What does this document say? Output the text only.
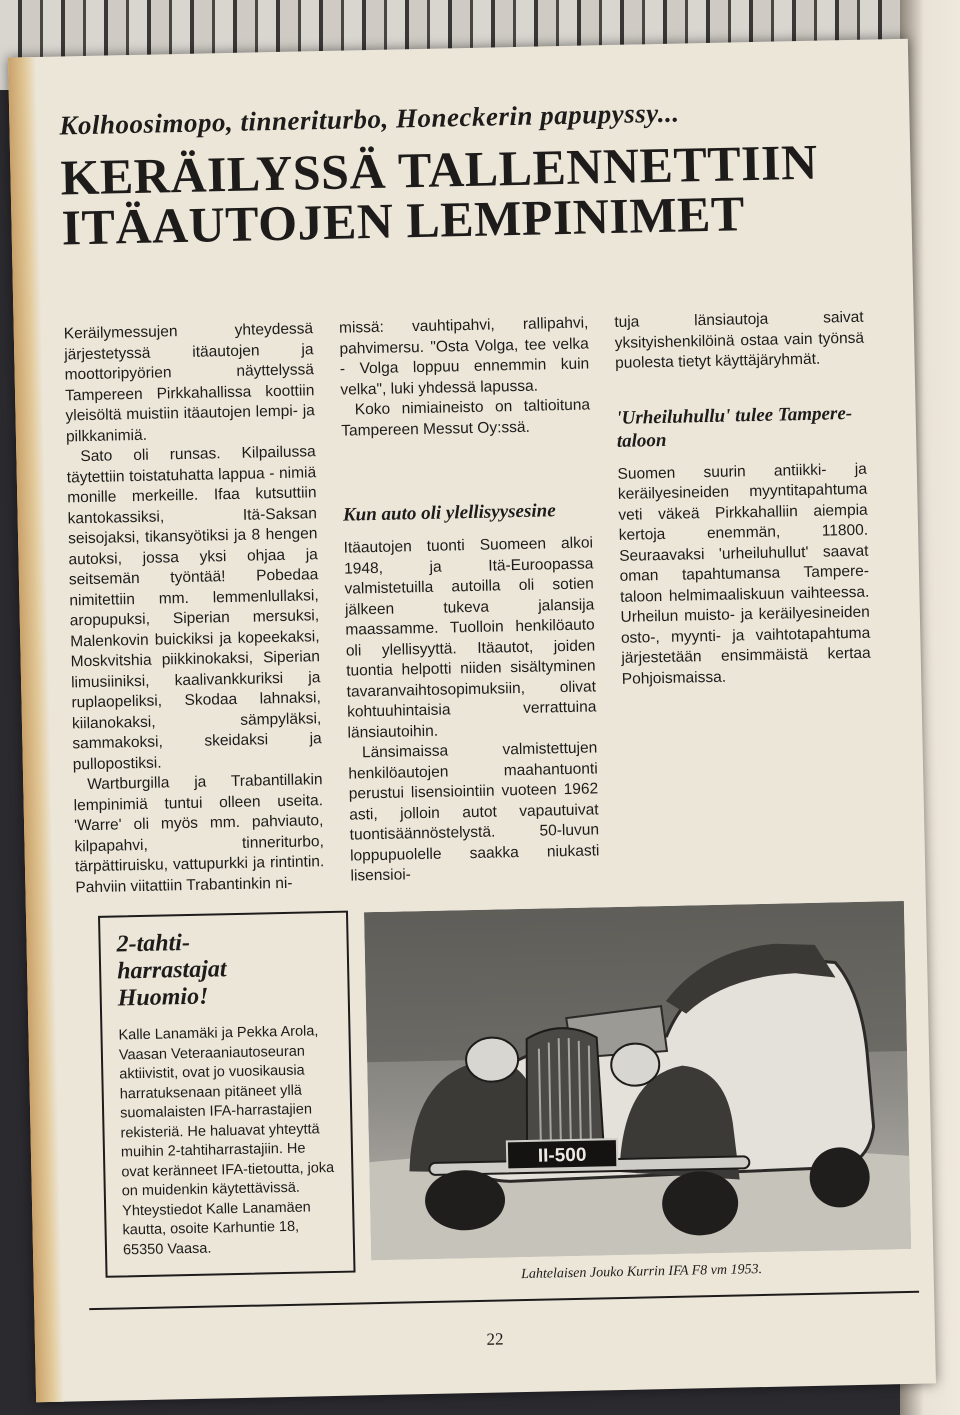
Kolhoosimopo, tinneriturbo, Honeckerin papupyssy...
KERÄILYSSÄ TALLENNETTIIN ITÄAUTOJEN LEMPINIMET

Keräilymessujen yhteydessä järjestetyssä itäautojen ja moottoripyörien näyttelyssä Tampereen Pirkkahallissa koottiin yleisöltä muistiin itäautojen lempi- ja pilkkanimiä.

Sato oli runsas. Kilpailussa täytettiin toistatuhatta lappua - nimiä monille merkeille. Ifaa kutsuttiin kantokassiksi, Itä-Saksan seisojaksi, tikansyötiksi ja 8 hengen autoksi, jossa yksi ohjaa ja seitsemän työntää! Pobedaa nimitettiin mm. lemmenlullaksi, aropupuksi, Siperian mersuksi, Malenkovin buickiksi ja kopeekaksi, Moskvitshia piikkinokaksi, Siperian limusiiniksi, kaalivankkuriksi ja ruplaopeliksi, Skodaa lahnaksi, kiilanokaksi, sämpyläksi, sammakoksi, skeidaksi ja pullopostiksi.

Wartburgilla ja Trabantillakin lempinimiä tuntui olleen useita. 'Warre' oli myös mm. pahviauto, kilpapahvi, tinneriturbo, tärpättiruisku, vattupurkki ja rintintin. Pahviin viitattiin Trabantinkin ni-

missä: vauhtipahvi, rallipahvi, pahvimersu. "Osta Volga, tee velka - Volga loppuu ennemmin kuin velka", luki yhdessä lapussa.

Koko nimiaineisto on taltioituna Tampereen Messut Oy:ssä.

Kun auto oli ylellisyysesine

Itäautojen tuonti Suomeen alkoi 1948, ja Itä-Euroopassa valmistetuilla autoilla oli sotien jälkeen tukeva jalansija maassamme. Tuolloin henkilöauto oli ylellisyyttä. Itäautot, joiden tuontia helpotti niiden sisältyminen tavaranvaihtosopimuksiin, olivat kohtuuhintaisia verrattuina länsiautoihin.

Länsimaissa valmistettujen henkilöautojen maahantuonti perustui lisensiointiin vuoteen 1962 asti, jolloin autot vapautuivat tuontisäännöstelystä. 50-luvun loppupuolelle saakka niukasti lisensioi-

tuja länsiautoja saivat yksityishenkilöinä ostaa vain työnsä puolesta tietyt käyttäjäryhmät.

'Urheiluhullu' tulee Tampere-taloon

Suomen suurin antiikki- ja keräilyesineiden myyntitapahtuma veti väkeä Pirkkahalliin aiempia kertoja enemmän, 11800. Seuraavaksi 'urheiluhullut' saavat oman tapahtumansa Tampere-taloon helmimaaliskuun vaihteessa. Urheilun muisto- ja keräilyesineiden osto-, myynti- ja vaihtotapahtuma järjestetään ensimmäistä kertaa Pohjoismaissa.

2-tahti-
harrastajat
Huomio!

Kalle Lanamäki ja Pekka Arola, Vaasan Veteraaniautoseuran aktiivistit, ovat jo vuosikausia harratuksenaan pitäneet yllä suomalaisten IFA-harrastajien rekisteriä. He haluavat yhteyttä muihin 2-tahtiharrastajiin. He ovat keränneet IFA-tietoutta, joka on muidenkin käytettävissä. Yhteystiedot Kalle Lanamäen kautta, osoite Karhuntie 18, 65350 Vaasa.

II-500
Lahtelaisen Jouko Kurrin IFA F8 vm 1953.
22
